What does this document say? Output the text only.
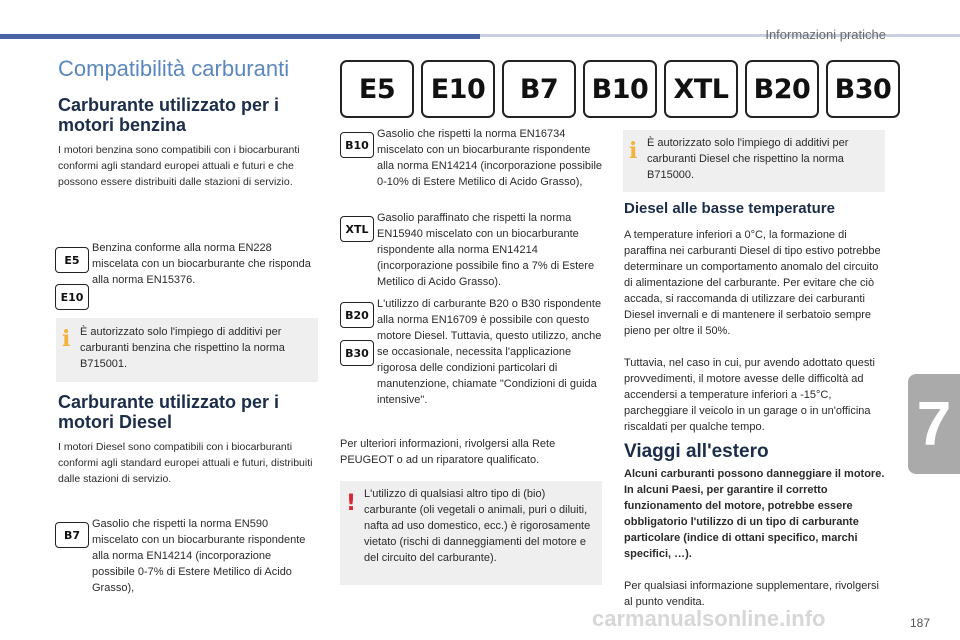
Informazioni pratiche
Compatibilità carburanti
E5	E10	B7	B10 XTL B20 B30
Carburante utilizzato per i motori benzina

I motori benzina sono compatibili con i biocarburanti conformi agli standard europei attuali e futuri e che possono essere distribuiti dalle stazioni di servizio.

E5
E10

Benzina conforme alla norma EN228 miscelata con un biocarburante che risponda alla norma EN15376.

i È autorizzato solo l'impiego di additivi per carburanti benzina che rispettino la norma B715001.

Carburante utilizzato per i motori Diesel

I motori Diesel sono compatibili con i biocarburanti conformi agli standard europei attuali e futuri, distribuiti dalle stazioni di servizio.

B7

Gasolio che rispetti la norma EN590 miscelato con un biocarburante rispondente alla norma EN14214 (incorporazione possibile 0-7% di Estere Metilico di Acido Grasso),

B10

Gasolio che rispetti la norma EN16734 miscelato con un biocarburante rispondente alla norma EN14214 (incorporazione possibile 0-10% di Estere Metilico di Acido Grasso),

XTL

Gasolio paraffinato che rispetti la norma EN15940 miscelato con un biocarburante rispondente alla norma EN14214 (incorporazione possibile fino a 7% di Estere Metilico di Acido Grasso).

B20
B30

L'utilizzo di carburante B20 o B30 rispondente alla norma EN16709 è possibile con questo motore Diesel. Tuttavia, questo utilizzo, anche se occasionale, necessita l'applicazione rigorosa delle condizioni particolari di manutenzione, chiamate "Condizioni di guida intensive".

Per ulteriori informazioni, rivolgersi alla Rete PEUGEOT o ad un riparatore qualificato.

! L'utilizzo di qualsiasi altro tipo di (bio) carburante (oli vegetali o animali, puri o diluiti, nafta ad uso domestico, ecc.) è rigorosamente vietato (rischi di danneggiamenti del motore e del circuito del carburante).

i È autorizzato solo l'impiego di additivi per carburanti Diesel che rispettino la norma B715000.

Diesel alle basse temperature

A temperature inferiori a 0°C, la formazione di paraffina nei carburanti Diesel di tipo estivo potrebbe determinare un comportamento anomalo del circuito di alimentazione del carburante. Per evitare che ciò accada, si raccomanda di utilizzare dei carburanti Diesel invernali e di mantenere il serbatoio sempre pieno per oltre il 50%.

Tuttavia, nel caso in cui, pur avendo adottato questi provvedimenti, il motore avesse delle difficoltà ad accendersi a temperature inferiori a -15°C, parcheggiare il veicolo in un garage o in un'officina riscaldati per qualche tempo.

Viaggi all'estero

Alcuni carburanti possono danneggiare il motore. In alcuni Paesi, per garantire il corretto funzionamento del motore, potrebbe essere obbligatorio l'utilizzo di un tipo di carburante particolare (indice di ottani specifico, marchi specifici, …).

Per qualsiasi informazione supplementare, rivolgersi al punto vendita.

7
carmanualsonline.info	187
